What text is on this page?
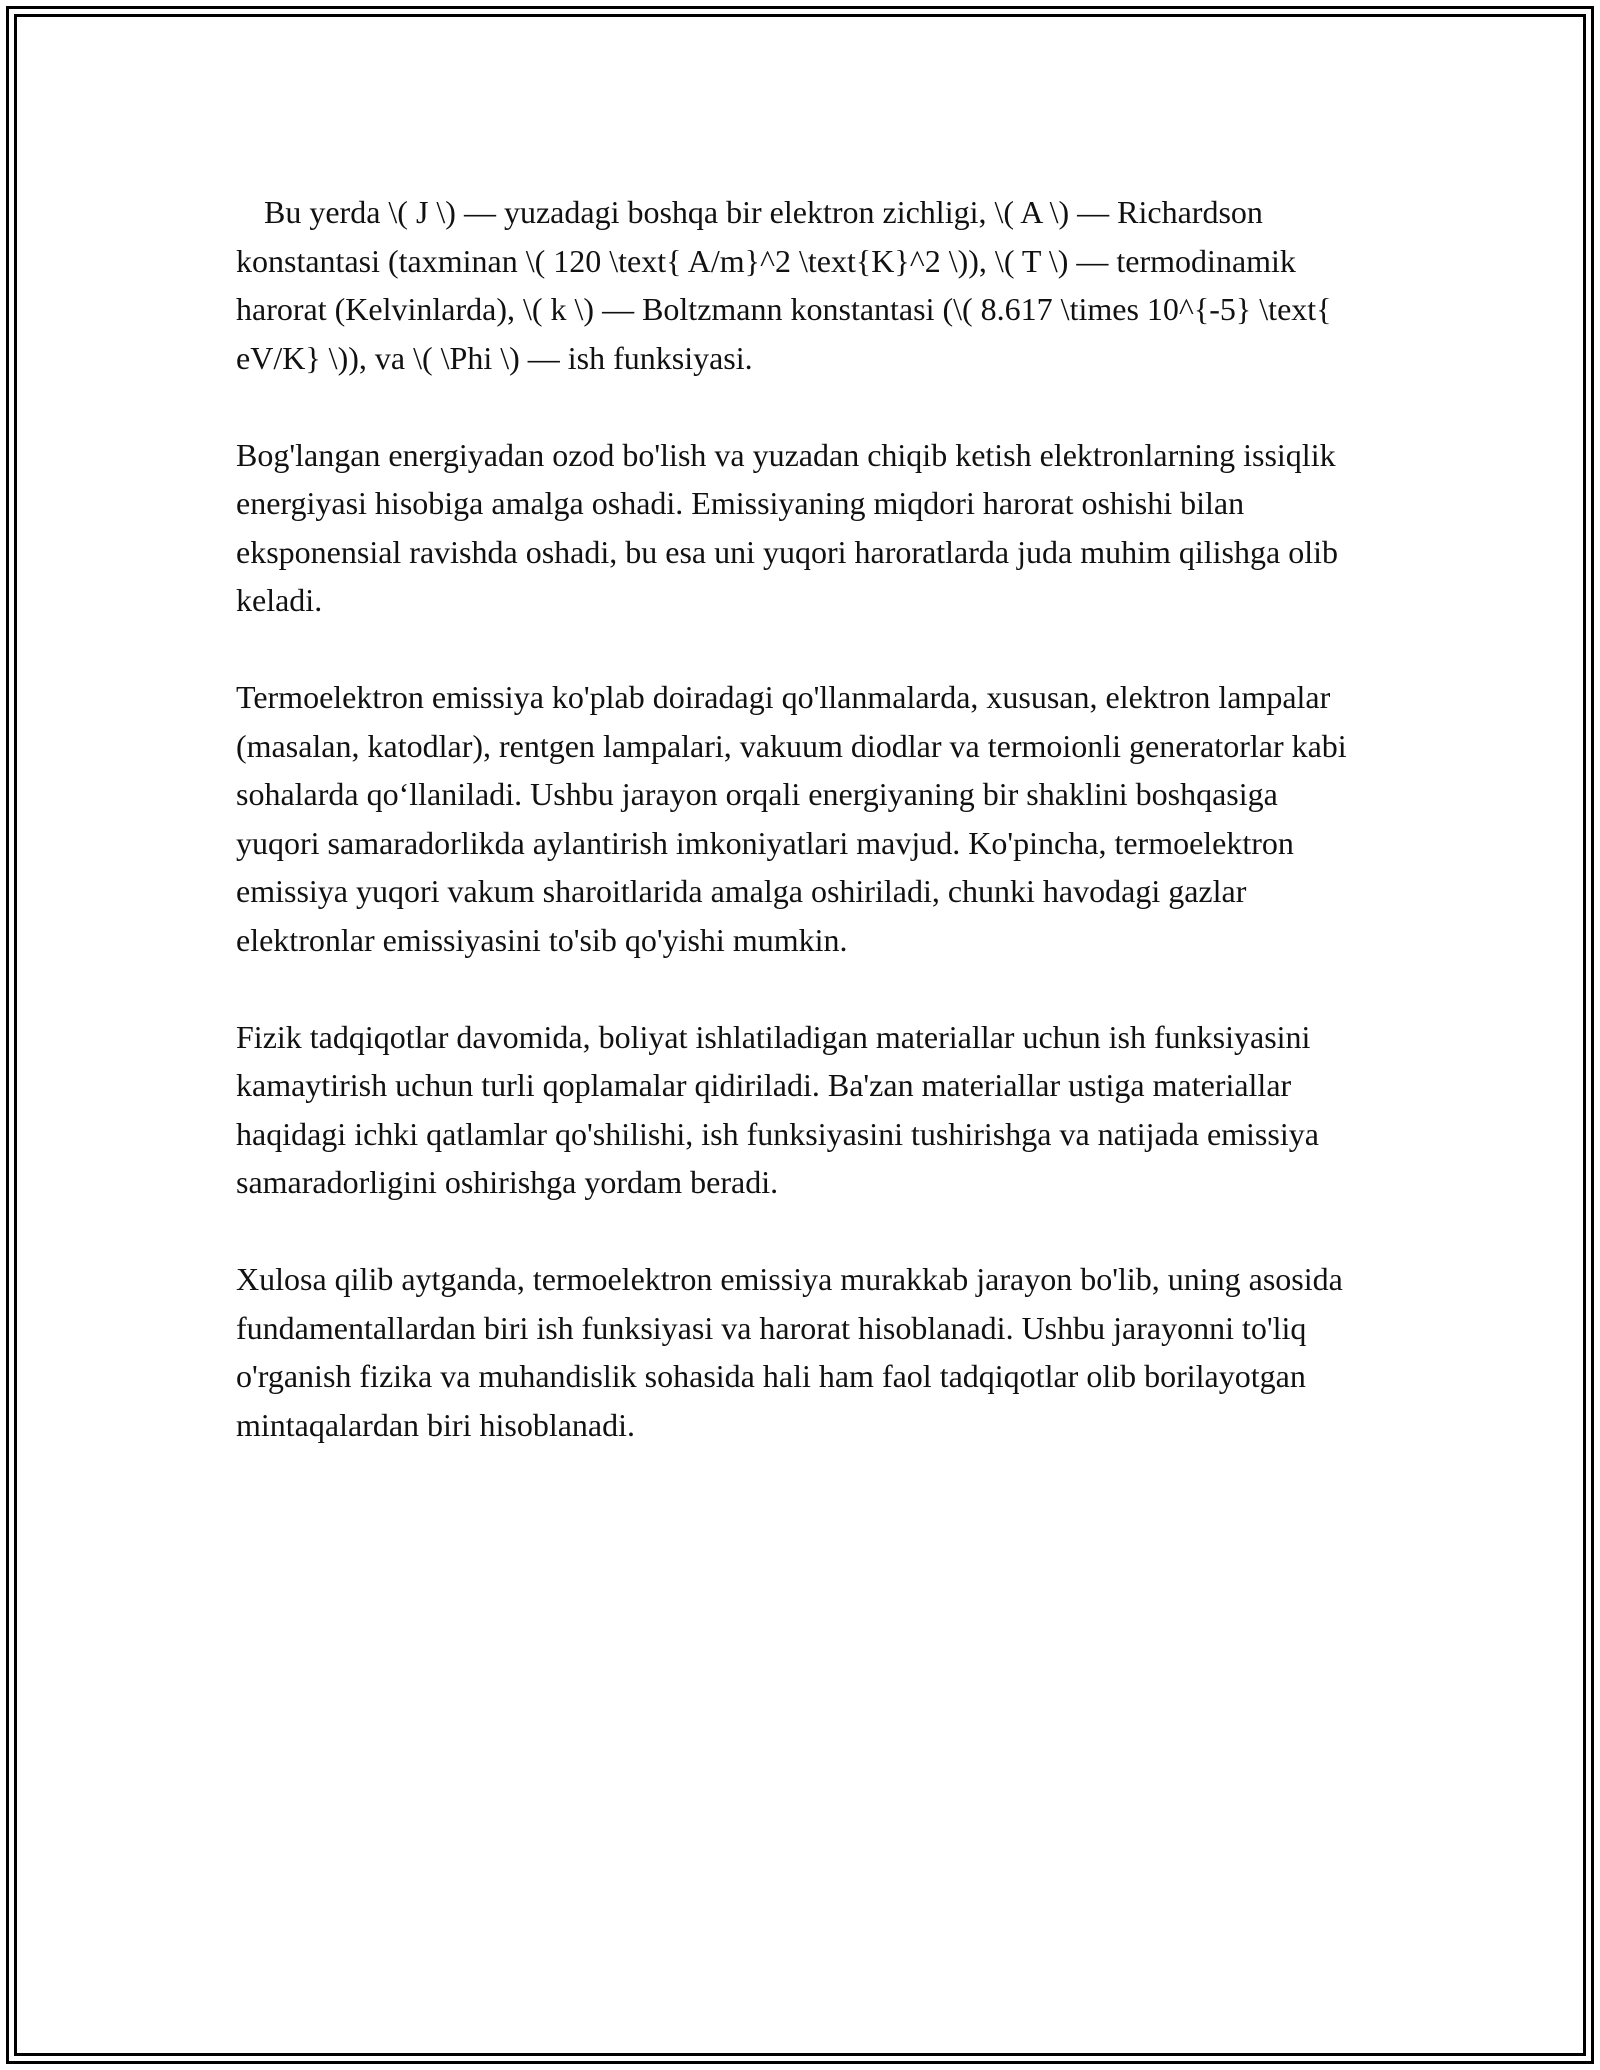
Bu yerda \( J \) — yuzadagi boshqa bir elektron zichligi, \( A \) — Richardson konstantasi (taxminan \( 120 \text{ A/m}^2 \text{K}^2 \)), \( T \) — termodinamik harorat (Kelvinlarda), \( k \) — Boltzmann konstantasi (\( 8.617 \times 10^{-5} \text{ eV/K} \)), va \( \Phi \) — ish funksiyasi.

Bog'langan energiyadan ozod bo'lish va yuzadan chiqib ketish elektronlarning issiqlik energiyasi hisobiga amalga oshadi. Emissiyaning miqdori harorat oshishi bilan eksponensial ravishda oshadi, bu esa uni yuqori haroratlarda juda muhim qilishga olib keladi.

Termoelektron emissiya ko'plab doiradagi qo'llanmalarda, xususan, elektron lampalar (masalan, katodlar), rentgen lampalari, vakuum diodlar va termoionli generatorlar kabi sohalarda qo‘llaniladi. Ushbu jarayon orqali energiyaning bir shaklini boshqasiga yuqori samaradorlikda aylantirish imkoniyatlari mavjud. Ko'pincha, termoelektron emissiya yuqori vakum sharoitlarida amalga oshiriladi, chunki havodagi gazlar elektronlar emissiyasini to'sib qo'yishi mumkin.

Fizik tadqiqotlar davomida, boliyat ishlatiladigan materiallar uchun ish funksiyasini kamaytirish uchun turli qoplamalar qidiriladi. Ba'zan materiallar ustiga materiallar haqidagi ichki qatlamlar qo'shilishi, ish funksiyasini tushirishga va natijada emissiya samaradorligini oshirishga yordam beradi.

Xulosa qilib aytganda, termoelektron emissiya murakkab jarayon bo'lib, uning asosida fundamentallardan biri ish funksiyasi va harorat hisoblanadi. Ushbu jarayonni to'liq o'rganish fizika va muhandislik sohasida hali ham faol tadqiqotlar olib borilayotgan mintaqalardan biri hisoblanadi.
